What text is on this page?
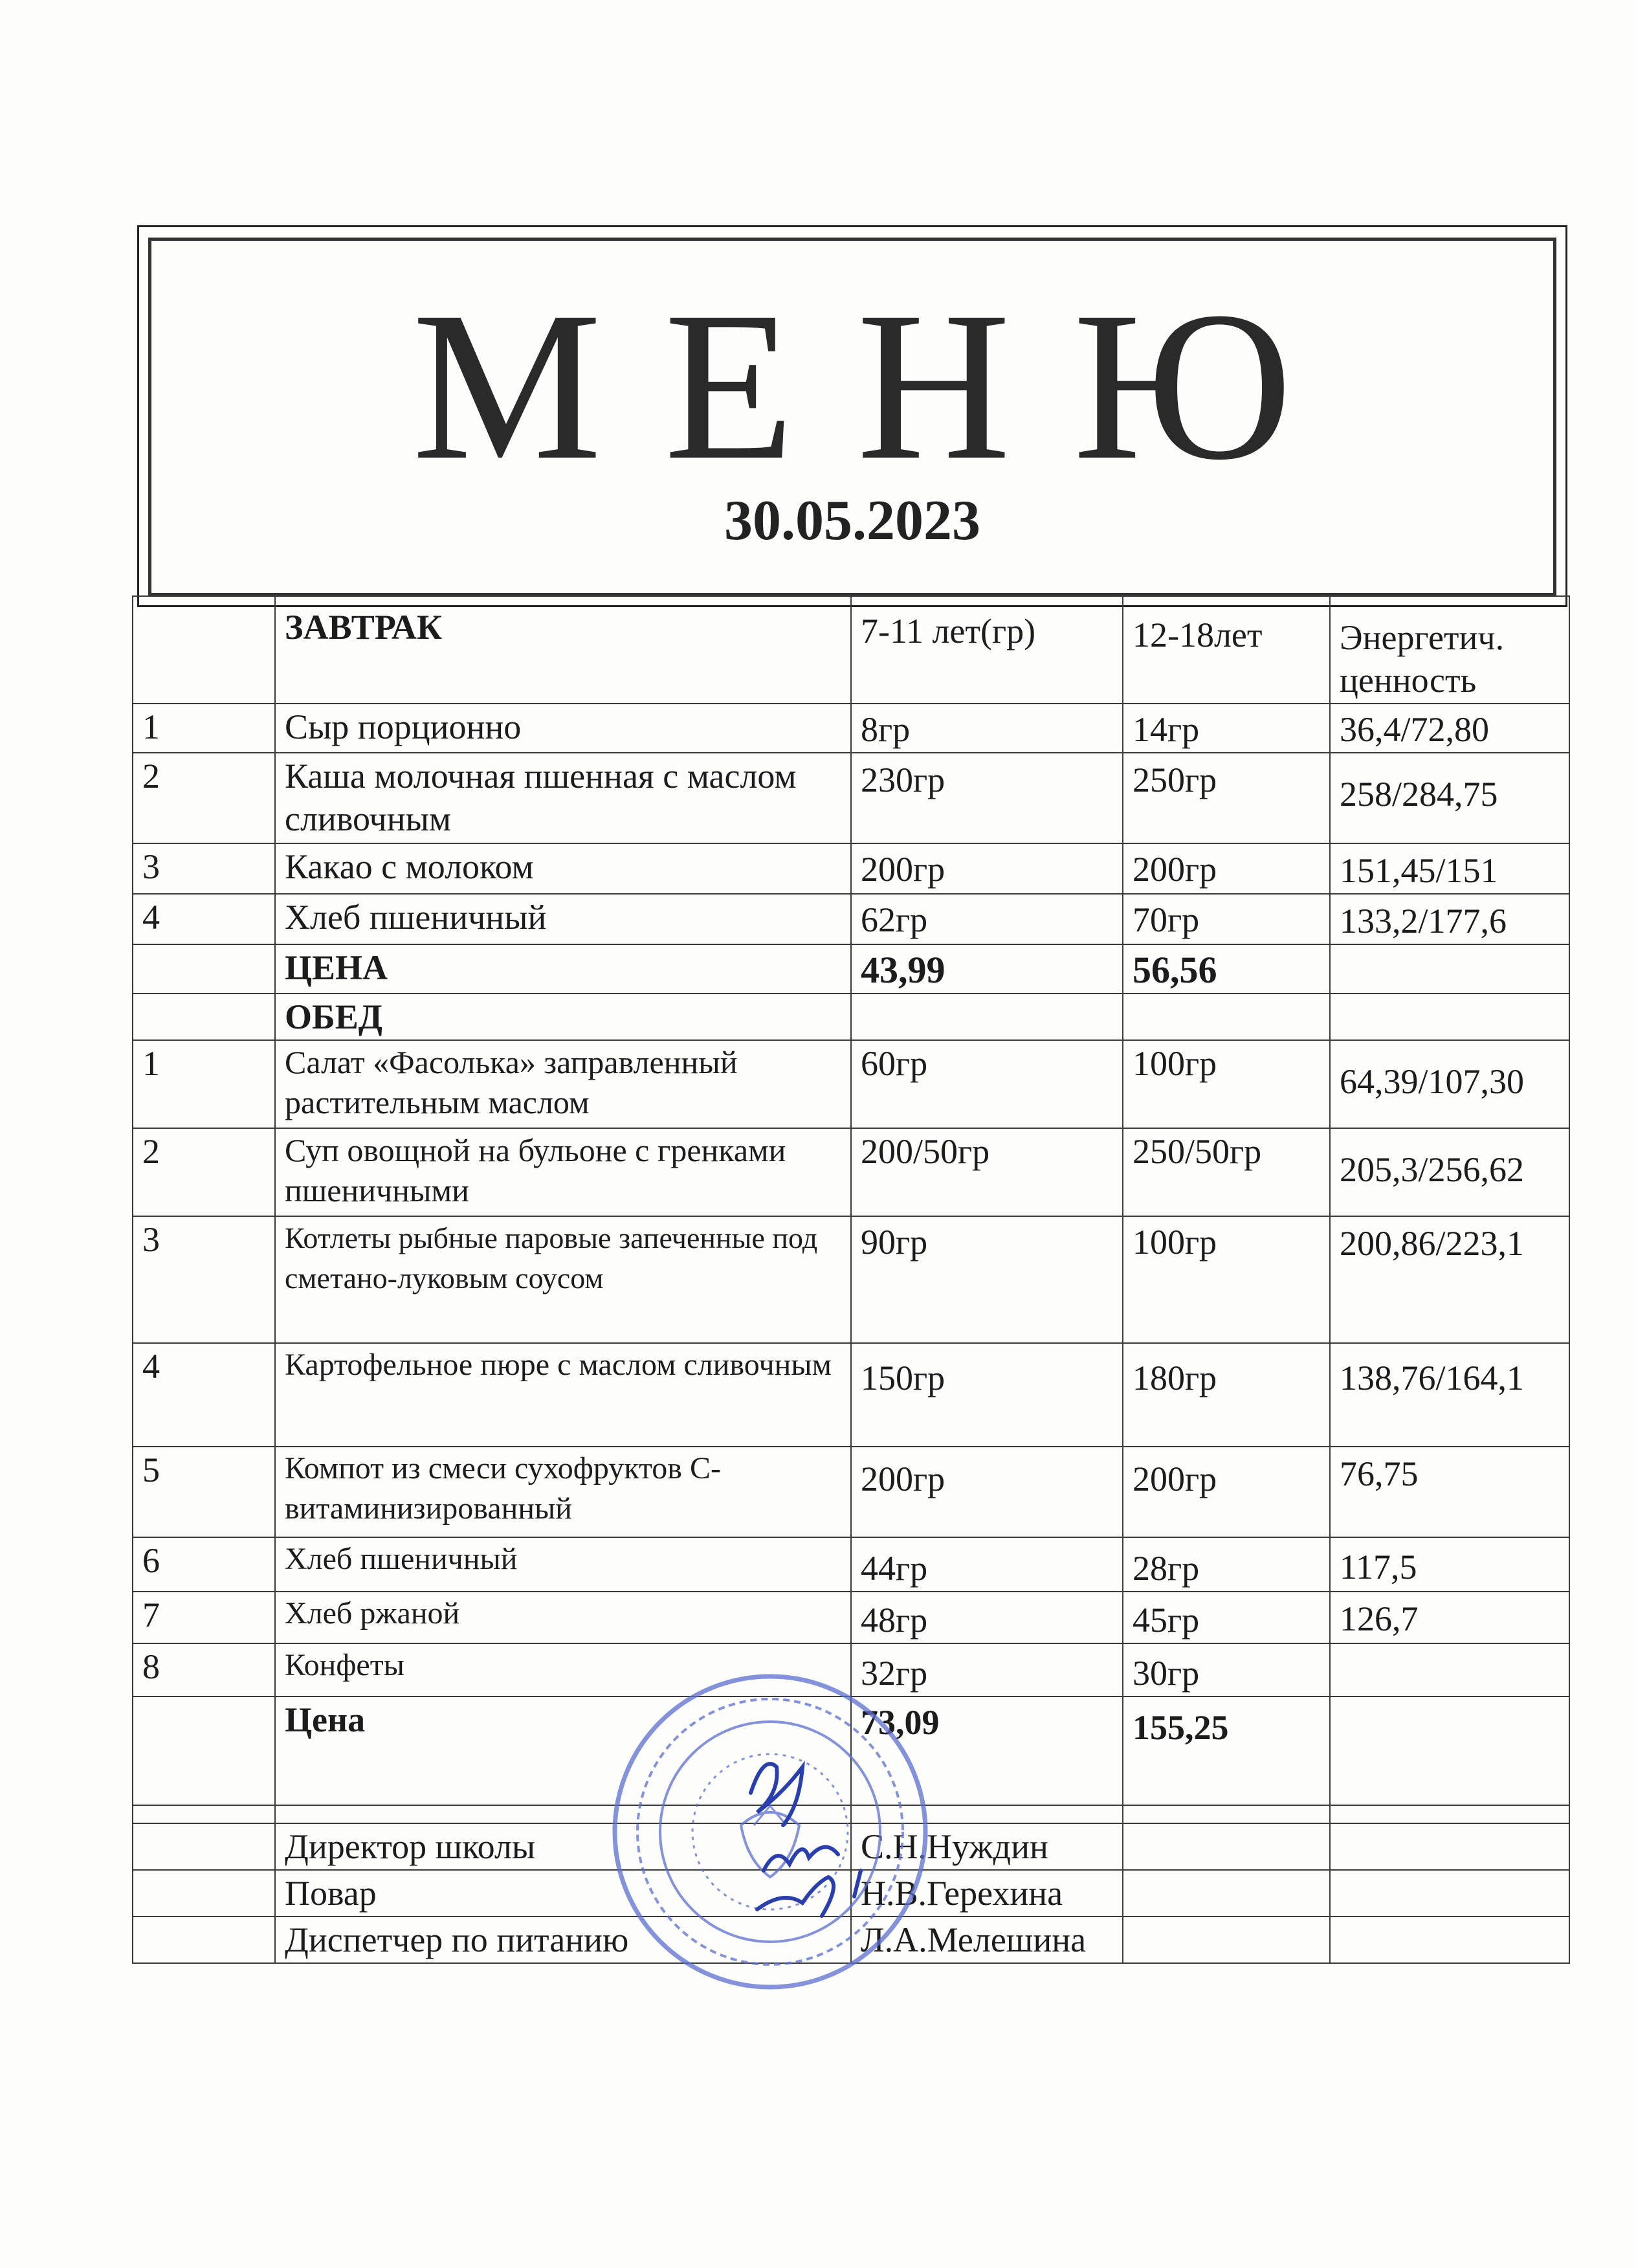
М Е Н Ю
30.05.2023
	ЗАВТРАК	7-11 лет(гр)	12-18лет	Энергетич. ценность
1	Сыр порционно	8гр	14гр	36,4/72,80
2	Каша молочная пшенная с маслом сливочным	230гр	250гр	258/284,75
3	Какао с молоком	200гр	200гр	151,45/151
4	Хлеб пшеничный	62гр	70гр	133,2/177,6
	ЦЕНА	43,99	56,56	
	ОБЕД			
1	Салат «Фасолька» заправленный растительным маслом	60гр	100гр	64,39/107,30
2	Суп овощной на бульоне с гренками пшеничными	200/50гр	250/50гр	205,3/256,62
3	Котлеты рыбные паровые запеченные под сметано-луковым соусом	90гр	100гр	200,86/223,1
4	Картофельное пюре с маслом сливочным	150гр	180гр	138,76/164,1
5	Компот из смеси сухофруктов С-витаминизированный	200гр	200гр	76,75
6	Хлеб пшеничный	44гр	28гр	117,5
7	Хлеб ржаной	48гр	45гр	126,7
8	Конфеты	32гр	30гр	
	Цена	73,09	155,25	

	Директор школы	С.Н.Нуждин		
	Повар	Н.В.Герехина		
	Диспетчер по питанию	Л.А.Мелешина		
